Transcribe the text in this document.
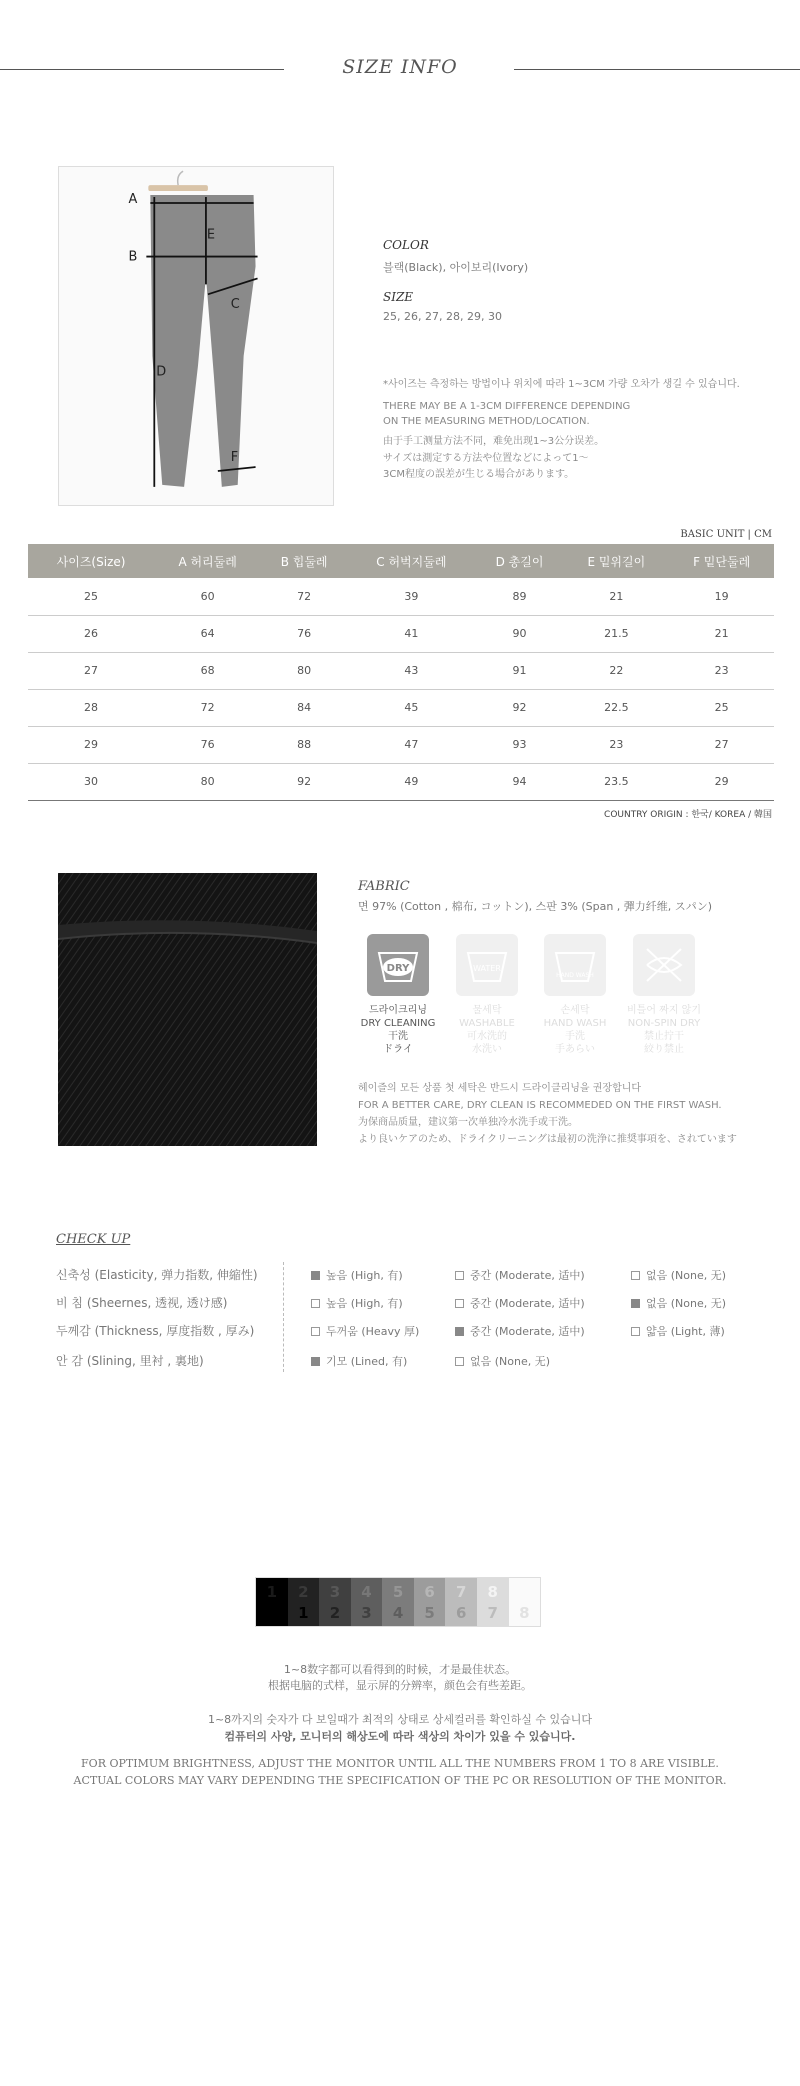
SIZE INFO
A
B
C
D
E
F
COLOR
블랙(Black), 아이보리(Ivory)
SIZE
25, 26, 27, 28, 29, 30
*사이즈는 측정하는 방법이나 위치에 따라 1~3CM 가량 오차가 생길 수 있습니다.
THERE MAY BE A 1-3CM DIFFERENCE DEPENDING
ON THE MEASURING METHOD/LOCATION.
由于手工测量方法不同，难免出现1~3公分误差。
サイズは測定する方法や位置などによって1〜
3CM程度の誤差が生じる場合があります。
BASIC UNIT | CM
사이즈(Size)	A 허리둘레	B 힙둘레	C 허벅지둘레	D 총길이	E 밑위길이	F 밑단둘레
25	60	72	39	89	21	19
26	64	76	41	90	21.5	21
27	68	80	43	91	22	23
28	72	84	45	92	22.5	25
29	76	88	47	93	23	27
30	80	92	49	94	23.5	29
COUNTRY ORIGIN : 한국/ KOREA / 韓国
FABRIC
면 97% (Cotton , 棉布, コットン), 스판 3% (Span , 彈力纤维, スパン)
DRY
드라이크리닝
DRY CLEANING
干洗
ドライ
WATER
물세탁
WASHABLE
可水洗的
水洗い
HAND WASH
손세탁
HAND WASH
手洗
手あらい
비틀어 짜지 않기
NON-SPIN DRY
禁止拧干
絞り禁止
헤이즐의 모든 상품 첫 세탁은 반드시 드라이클리닝을 권장합니다
FOR A BETTER CARE, DRY CLEAN IS RECOMMEDED ON THE FIRST WASH.
为保商品质量，建议第一次单独冷水洗手或干洗。
より良いケアのため、ドライクリーニングは最初の洗浄に推奨事項を、されています
CHECK UP
신축성 (Elasticity, 弹力指数, 伸縮性)	높음 (High, 有)	중간 (Moderate, 适中)	없음 (None, 无)
비 침 (Sheernes, 透视, 透け感)	높음 (High, 有)	중간 (Moderate, 适中)	없음 (None, 无)
두께감 (Thickness, 厚度指数 , 厚み)	두꺼움 (Heavy 厚)	중간 (Moderate, 适中)	얇음 (Light, 薄)
안 감 (Slining, 里衬 , 裏地)	기모 (Lined, 有)	없음 (None, 无)
1	2
1
3
2
4
3
5
4
6
5
7
6
8
7	8
1~8数字都可以看得到的时候，才是最佳状态。
根据电脑的式样，显示屏的分辨率，颜色会有些差距。
1~8까지의 숫자가 다 보일때가 최적의 상태로 상세컬러를 확인하실 수 있습니다
컴퓨터의 사양, 모니터의 해상도에 따라 색상의 차이가 있을 수 있습니다.
FOR OPTIMUM BRIGHTNESS, ADJUST THE MONITOR UNTIL ALL THE NUMBERS FROM 1 TO 8 ARE VISIBLE.
ACTUAL COLORS MAY VARY DEPENDING THE SPECIFICATION OF THE PC OR RESOLUTION OF THE MONITOR.
